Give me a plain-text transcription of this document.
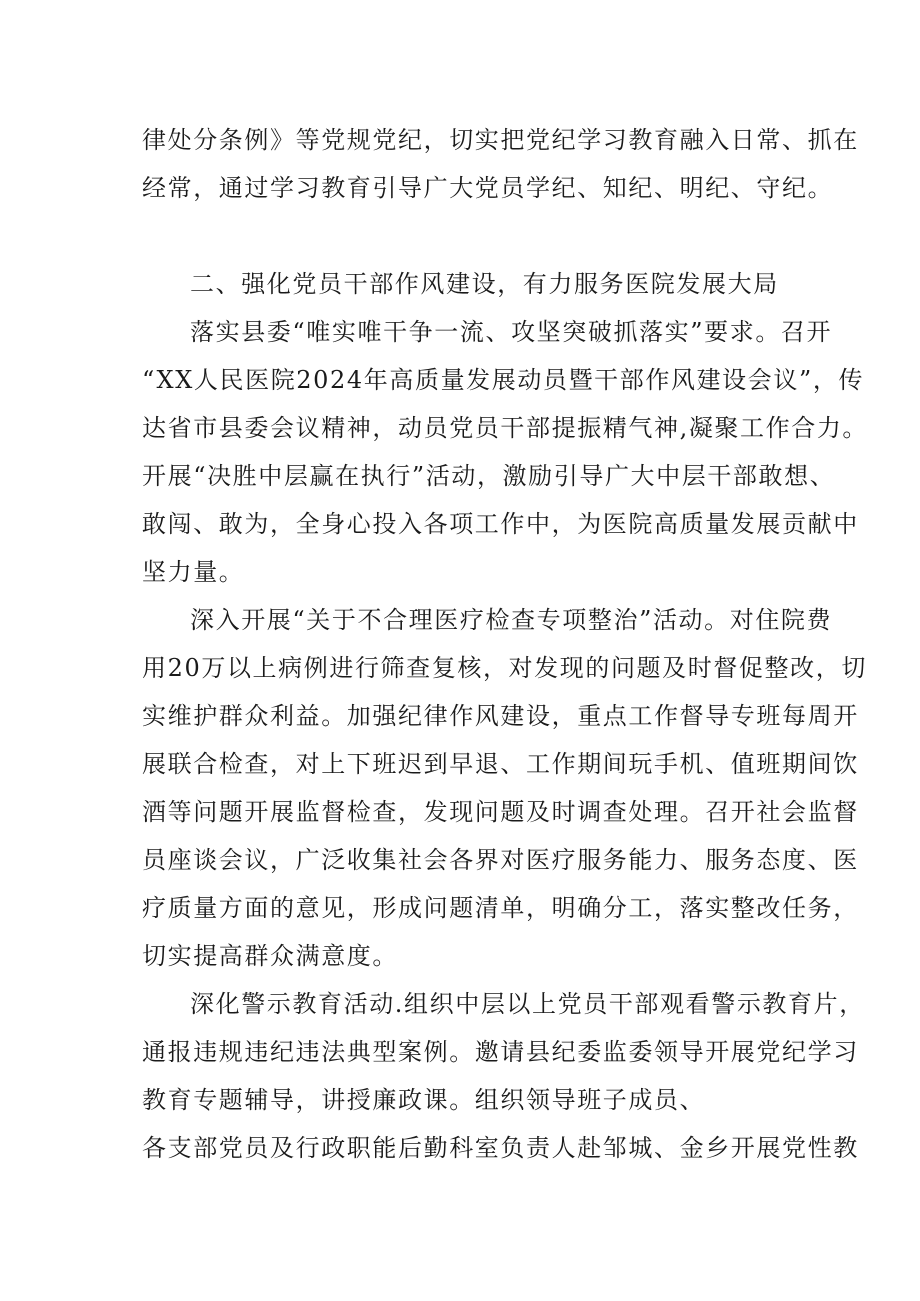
律处分条例》等党规党纪，切实把党纪学习教育融入日常、抓在
经常，通过学习教育引导广大党员学纪、知纪、明纪、守纪。
二、强化党员干部作风建设，有力服务医院发展大局
落实县委“唯实唯干争一流、攻坚突破抓落实”要求。召开
“XX人民医院2024年高质量发展动员暨干部作风建设会议”，传
达省市县委会议精神，动员党员干部提振精气神,凝聚工作合力。
开展“决胜中层赢在执行”活动，激励引导广大中层干部敢想、
敢闯、敢为，全身心投入各项工作中，为医院高质量发展贡献中
坚力量。
深入开展“关于不合理医疗检查专项整治”活动。对住院费
用20万以上病例进行筛查复核，对发现的问题及时督促整改，切
实维护群众利益。加强纪律作风建设，重点工作督导专班每周开
展联合检查，对上下班迟到早退、工作期间玩手机、值班期间饮
酒等问题开展监督检查，发现问题及时调查处理。召开社会监督
员座谈会议，广泛收集社会各界对医疗服务能力、服务态度、医
疗质量方面的意见，形成问题清单，明确分工，落实整改任务，
切实提高群众满意度。
深化警示教育活动.组织中层以上党员干部观看警示教育片，
通报违规违纪违法典型案例。邀请县纪委监委领导开展党纪学习
教育专题辅导，讲授廉政课。组织领导班子成员、
各支部党员及行政职能后勤科室负责人赴邹城、金乡开展党性教
